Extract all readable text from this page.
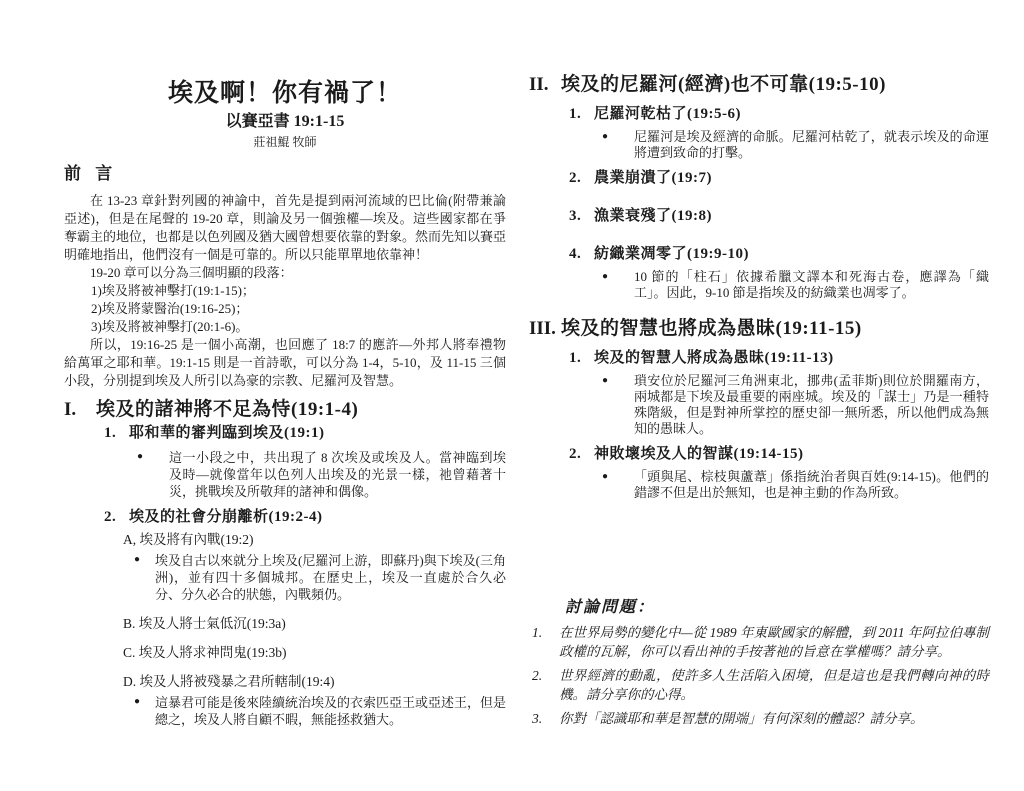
埃及啊！你有禍了！
以賽亞書 19:1-15
莊祖鯤 牧師
前 言
在 13-23 章針對列國的神諭中，首先是提到兩河流域的巴比倫(附帶兼論亞述)，但是在尾聲的 19-20 章，則論及另一個強權—埃及。這些國家都在爭奪霸主的地位，也都是以色列國及猶大國曾想要依靠的對象。然而先知以賽亞明確地指出，他們沒有一個是可靠的。所以只能單單地依靠神！
19-20 章可以分為三個明顯的段落：
1)埃及將被神擊打(19:1-15)；
2)埃及將蒙醫治(19:16-25)；
3)埃及將被神擊打(20:1-6)。
所以，19:16-25 是一個小高潮，也回應了 18:7 的應許—外邦人將奉禮物給萬軍之耶和華。19:1-15 則是一首詩歌，可以分為 1-4，5-10，及 11-15 三個小段，分別提到埃及人所引以為豪的宗教、尼羅河及智慧。
I.	埃及的諸神將不足為恃(19:1-4)
1. 耶和華的審判臨到埃及(19:1)
●	這一小段之中，共出現了 8 次埃及或埃及人。當神臨到埃及時—就像當年以色列人出埃及的光景一樣，祂曾藉著十災，挑戰埃及所敬拜的諸神和偶像。
2. 埃及的社會分崩離析(19:2-4)
A, 埃及將有內戰(19:2)
●	埃及自古以來就分上埃及(尼羅河上游，即蘇丹)與下埃及(三角洲)，並有四十多個城邦。在歷史上，埃及一直處於合久必分、分久必合的狀態，內戰頻仍。
B. 埃及人將士氣低沉(19:3a)
C. 埃及人將求神問鬼(19:3b)
D. 埃及人將被殘暴之君所轄制(19:4)
●	這暴君可能是後來陸續統治埃及的衣索匹亞王或亞述王，但是總之，埃及人將自顧不暇，無能拯救猶大。
II. 埃及的尼羅河(經濟)也不可靠(19:5-10)
1. 尼羅河乾枯了(19:5-6)
●	尼羅河是埃及經濟的命脈。尼羅河枯乾了，就表示埃及的命運將遭到致命的打擊。
2. 農業崩潰了(19:7)
3. 漁業衰殘了(19:8)
4. 紡織業凋零了(19:9-10)
●	10 節的「柱石」依據希臘文譯本和死海古卷，應譯為「織工」。因此，9-10 節是指埃及的紡織業也凋零了。
III. 埃及的智慧也將成為愚昧(19:11-15)
1. 埃及的智慧人將成為愚昧(19:11-13)
●	瑣安位於尼羅河三角洲東北，挪弗(孟菲斯)則位於開羅南方，兩城都是下埃及最重要的兩座城。埃及的「謀士」乃是一種特殊階級，但是對神所掌控的歷史卻一無所悉，所以他們成為無知的愚昧人。
2. 神敗壞埃及人的智謀(19:14-15)
●	「頭與尾、棕枝與蘆葦」係指統治者與百姓(9:14-15)。他們的錯謬不但是出於無知，也是神主動的作為所致。
討論問題：
1.	在世界局勢的變化中—從 1989 年東歐國家的解體，到 2011 年阿拉伯專制政權的瓦解，你可以看出神的手按著祂的旨意在掌權嗎？請分享。
2.	世界經濟的動亂，使許多人生活陷入困境，但是這也是我們轉向神的時機。請分享你的心得。
3.	你對「認識耶和華是智慧的開端」有何深刻的體認？請分享。
